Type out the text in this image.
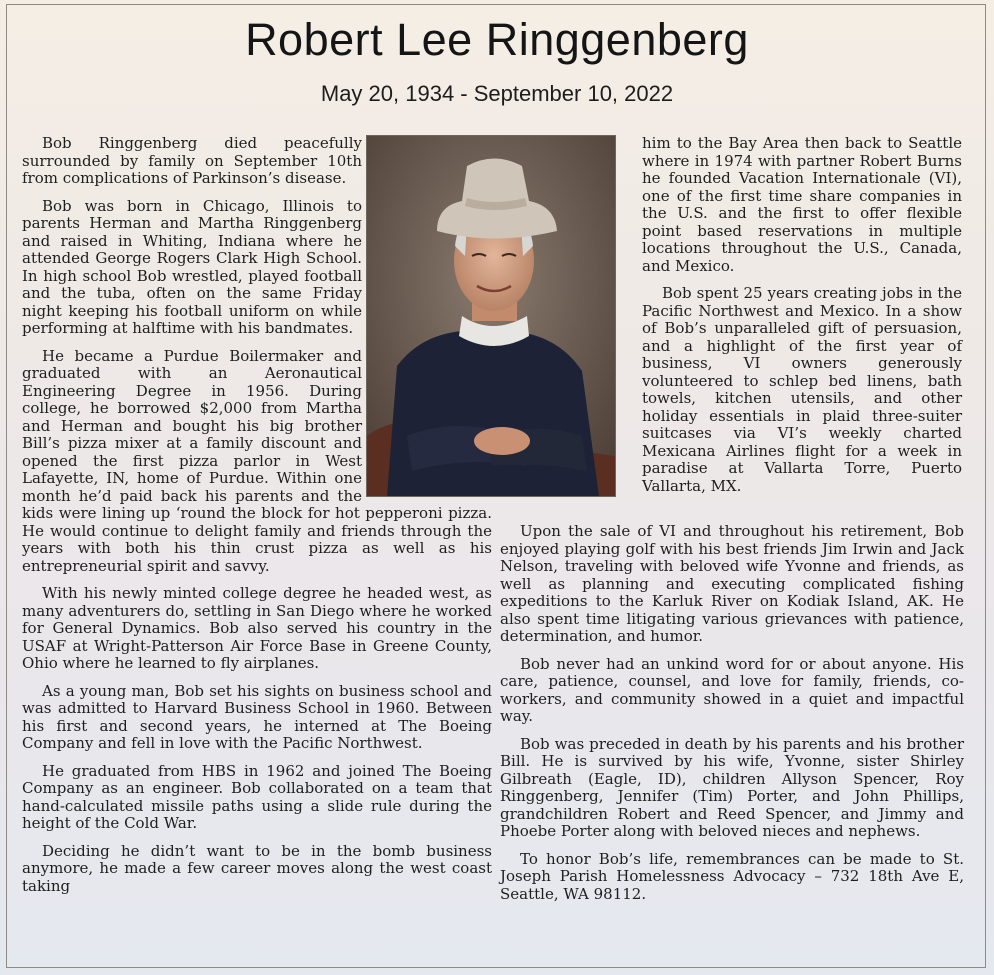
Robert Lee Ringgenberg
May 20, 1934 - September 10, 2022

Bob Ringgenberg died peacefully surrounded by family on September 10th from complications of Parkinson’s disease.

Bob was born in Chicago, Illinois to parents Herman and Martha Ringgenberg and raised in Whiting, Indiana where he attended George Rogers Clark High School. In high school Bob wrestled, played football and the tuba, often on the same Friday night keeping his football uniform on while performing at halftime with his bandmates.

He became a Purdue Boilermaker and graduated with an Aeronautical Engineering Degree in 1956. During college, he borrowed $2,000 from Martha and Herman and bought his big brother Bill’s pizza mixer at a family discount and opened the first pizza parlor in West Lafayette, IN, home of Purdue. Within one month he’d paid back his parents and the kids were lining up ‘round the block for hot pepperoni pizza. He would continue to delight family and friends through the years with both his thin crust pizza as well as his entrepreneurial spirit and savvy.

With his newly minted college degree he headed west, as many adventurers do, settling in San Diego where he worked for General Dynamics. Bob also served his country in the USAF at Wright-Patterson Air Force Base in Greene County, Ohio where he learned to fly airplanes.

As a young man, Bob set his sights on business school and was admitted to Harvard Business School in 1960. Between his first and second years, he interned at The Boeing Company and fell in love with the Pacific Northwest.

He graduated from HBS in 1962 and joined The Boeing Company as an engineer. Bob collaborated on a team that hand-calculated missile paths using a slide rule during the height of the Cold War.

Deciding he didn’t want to be in the bomb business anymore, he made a few career moves along the west coast taking

him to the Bay Area then back to Seattle where in 1974 with partner Robert Burns he founded Vacation Internationale (VI), one of the first time share companies in the U.S. and the first to offer flexible point based reservations in multiple locations throughout the U.S., Canada, and Mexico.

Bob spent 25 years creating jobs in the Pacific Northwest and Mexico. In a show of Bob’s unparalleled gift of persuasion, and a highlight of the first year of business, VI owners generously volunteered to schlep bed linens, bath towels, kitchen utensils, and other holiday essentials in plaid three-suiter suitcases via VI’s weekly charted Mexicana Airlines flight for a week in paradise at Vallarta Torre, Puerto Vallarta, MX.

Upon the sale of VI and throughout his retirement, Bob enjoyed playing golf with his best friends Jim Irwin and Jack Nelson, traveling with beloved wife Yvonne and friends, as well as planning and executing complicated fishing expeditions to the Karluk River on Kodiak Island, AK. He also spent time litigating various grievances with patience, determination, and humor.

Bob never had an unkind word for or about anyone. His care, patience, counsel, and love for family, friends, co-workers, and community showed in a quiet and impactful way.

Bob was preceded in death by his parents and his brother Bill. He is survived by his wife, Yvonne, sister Shirley Gilbreath (Eagle, ID), children Allyson Spencer, Roy Ringgenberg, Jennifer (Tim) Porter, and John Phillips, grandchildren Robert and Reed Spencer, and Jimmy and Phoebe Porter along with beloved nieces and nephews.

To honor Bob’s life, remembrances can be made to St. Joseph Parish Homelessness Advocacy – 732 18th Ave E, Seattle, WA 98112.
